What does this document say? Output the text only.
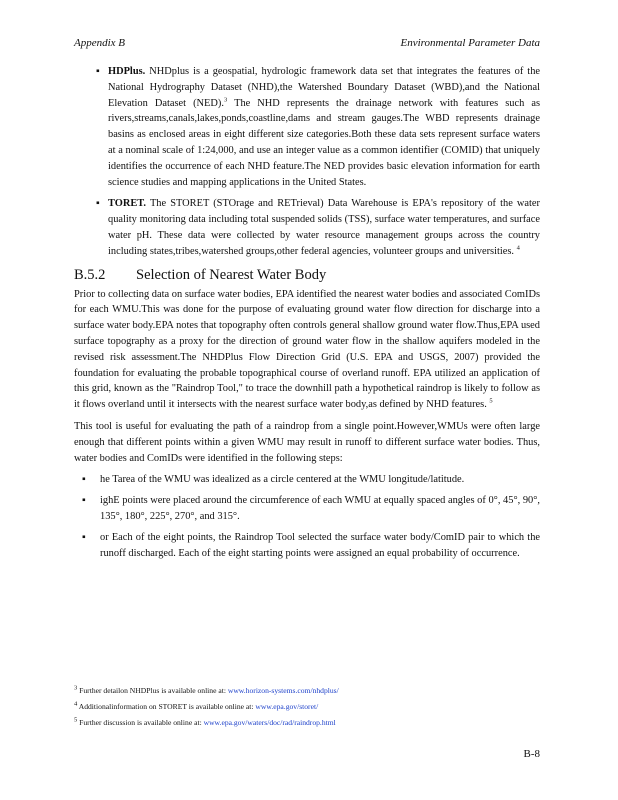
Appendix B	Environmental Parameter Data
▪ HDPlus. NHDplus is a geospatial, hydrologic framework data set that integrates the features of the National Hydrography Dataset (NHD),the Watershed Boundary Dataset (WBD),and the National Elevation Dataset (NED).$^3$ The NHD represents the drainage network with features such as rivers,streams,canals,lakes,ponds,coastline,dams and stream gauges.The WBD represents drainage basins as enclosed areas in eight different size categories.Both these data sets represent surface waters at a nominal scale of 1:24,000, and use an integer value as a common identifier (COMID) that uniquely identifies the occurrence of each NHD feature.The NED provides basic elevation information for earth science studies and mapping applications in the United States.

▪ TORET. The STORET (STOrage and RETrieval) Data Warehouse is EPA's repository of the water quality monitoring data including total suspended solids (TSS), surface water temperatures, and surface water pH. These data were collected by water resource management groups across the country including states,tribes,watershed groups,other federal agencies, volunteer groups and universities. $^4$

B.5.2 Selection of Nearest Water Body

Prior to collecting data on surface water bodies, EPA identified the nearest water bodies and associated ComIDs for each WMU.This was done for the purpose of evaluating ground water flow direction for discharge into a surface water body.EPA notes that topography often controls general shallow ground water flow.Thus,EPA used surface topography as a proxy for the direction of ground water flow in the shallow aquifers modeled in the revised risk assessment.The NHDPlus Flow Direction Grid (U.S. EPA and USGS, 2007) provided the foundation for evaluating the probable topographical course of overland runoff. EPA utilized an application of this grid, known as the "Raindrop Tool," to trace the downhill path a hypothetical raindrop is likely to follow as it flows overland until it intersects with the nearest surface water body,as defined by NHD features. $^5$

This tool is useful for evaluating the path of a raindrop from a single point.However,WMUs were often large enough that different points within a given WMU may result in runoff to different surface water bodies. Thus, water bodies and ComIDs were identified in the following steps:

▪ he Tarea of the WMU was idealized as a circle centered at the WMU longitude/latitude.

▪ ighE points were placed around the circumference of each WMU at equally spaced angles of 0°, 45°, 90°, 135°, 180°, 225°, 270°, and 315°.

▪ or Each of the eight points, the Raindrop Tool selected the surface water body/ComID pair to which the runoff discharged. Each of the eight starting points were assigned an equal probability of occurrence.

$^3$ Further detailon NHDPlus is available online at: www.horizon-systems.com/nhdplus/

$^4$ Additionalinformation on STORET is available online at: www.epa.gov/storet/

$^5$ Further discussion is available online at: www.epa.gov/waters/doc/rad/raindrop.html

B-8
